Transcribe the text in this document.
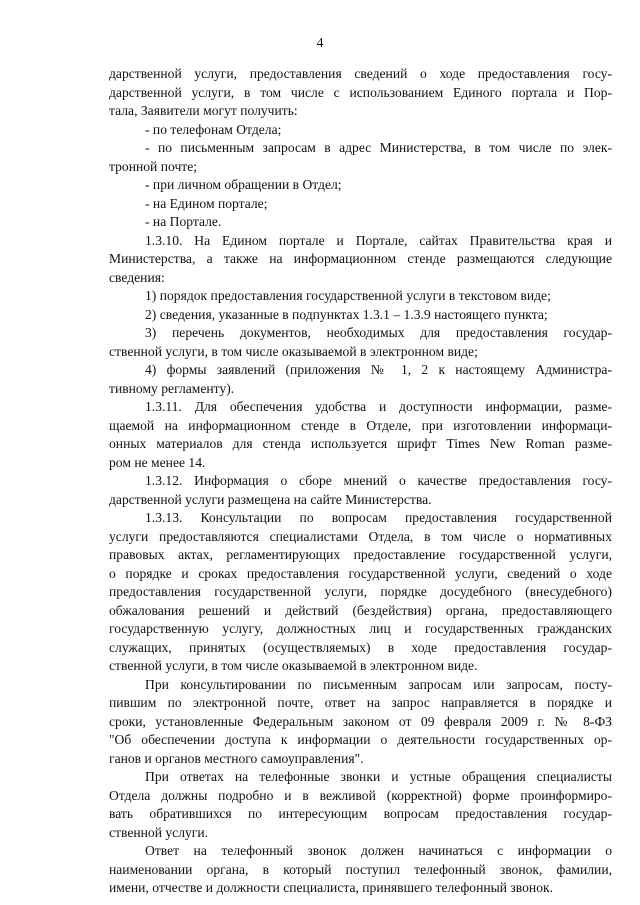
4
дарственной услуги, предоставления сведений о ходе предоставления госу-
дарственной услуги, в том числе с использованием Единого портала и Пор-
тала, Заявители могут получить:
- по телефонам Отдела;
- по письменным запросам в адрес Министерства, в том числе по элек-
тронной почте;
- при личном обращении в Отдел;
- на Едином портале;
- на Портале.
1.3.10. На Едином портале и Портале, сайтах Правительства края и
Министерства, а также на информационном стенде размещаются следующие
сведения:
1) порядок предоставления государственной услуги в текстовом виде;
2) сведения, указанные в подпунктах 1.3.1 – 1.3.9 настоящего пункта;
3) перечень документов, необходимых для предоставления государ-
ственной услуги, в том числе оказываемой в электронном виде;
4) формы заявлений (приложения № 1, 2 к настоящему Администра-
тивному регламенту).
1.3.11. Для обеспечения удобства и доступности информации, разме-
щаемой на информационном стенде в Отделе, при изготовлении информаци-
онных материалов для стенда используется шрифт Times New Roman разме-
ром не менее 14.
1.3.12. Информация о сборе мнений о качестве предоставления госу-
дарственной услуги размещена на сайте Министерства.
1.3.13. Консультации по вопросам предоставления государственной
услуги предоставляются специалистами Отдела, в том числе о нормативных
правовых актах, регламентирующих предоставление государственной услуги,
о порядке и сроках предоставления государственной услуги, сведений о ходе
предоставления государственной услуги, порядке досудебного (внесудебного)
обжалования решений и действий (бездействия) органа, предоставляющего
государственную услугу, должностных лиц и государственных гражданских
служащих, принятых (осуществляемых) в ходе предоставления государ-
ственной услуги, в том числе оказываемой в электронном виде.
При консультировании по письменным запросам или запросам, посту-
пившим по электронной почте, ответ на запрос направляется в порядке и
сроки, установленные Федеральным законом от 09 февраля 2009 г. № 8-ФЗ
"Об обеспечении доступа к информации о деятельности государственных ор-
ганов и органов местного самоуправления".
При ответах на телефонные звонки и устные обращения специалисты
Отдела должны подробно и в вежливой (корректной) форме проинформиро-
вать обратившихся по интересующим вопросам предоставления государ-
ственной услуги.
Ответ на телефонный звонок должен начинаться с информации о
наименовании органа, в который поступил телефонный звонок, фамилии,
имени, отчестве и должности специалиста, принявшего телефонный звонок.
